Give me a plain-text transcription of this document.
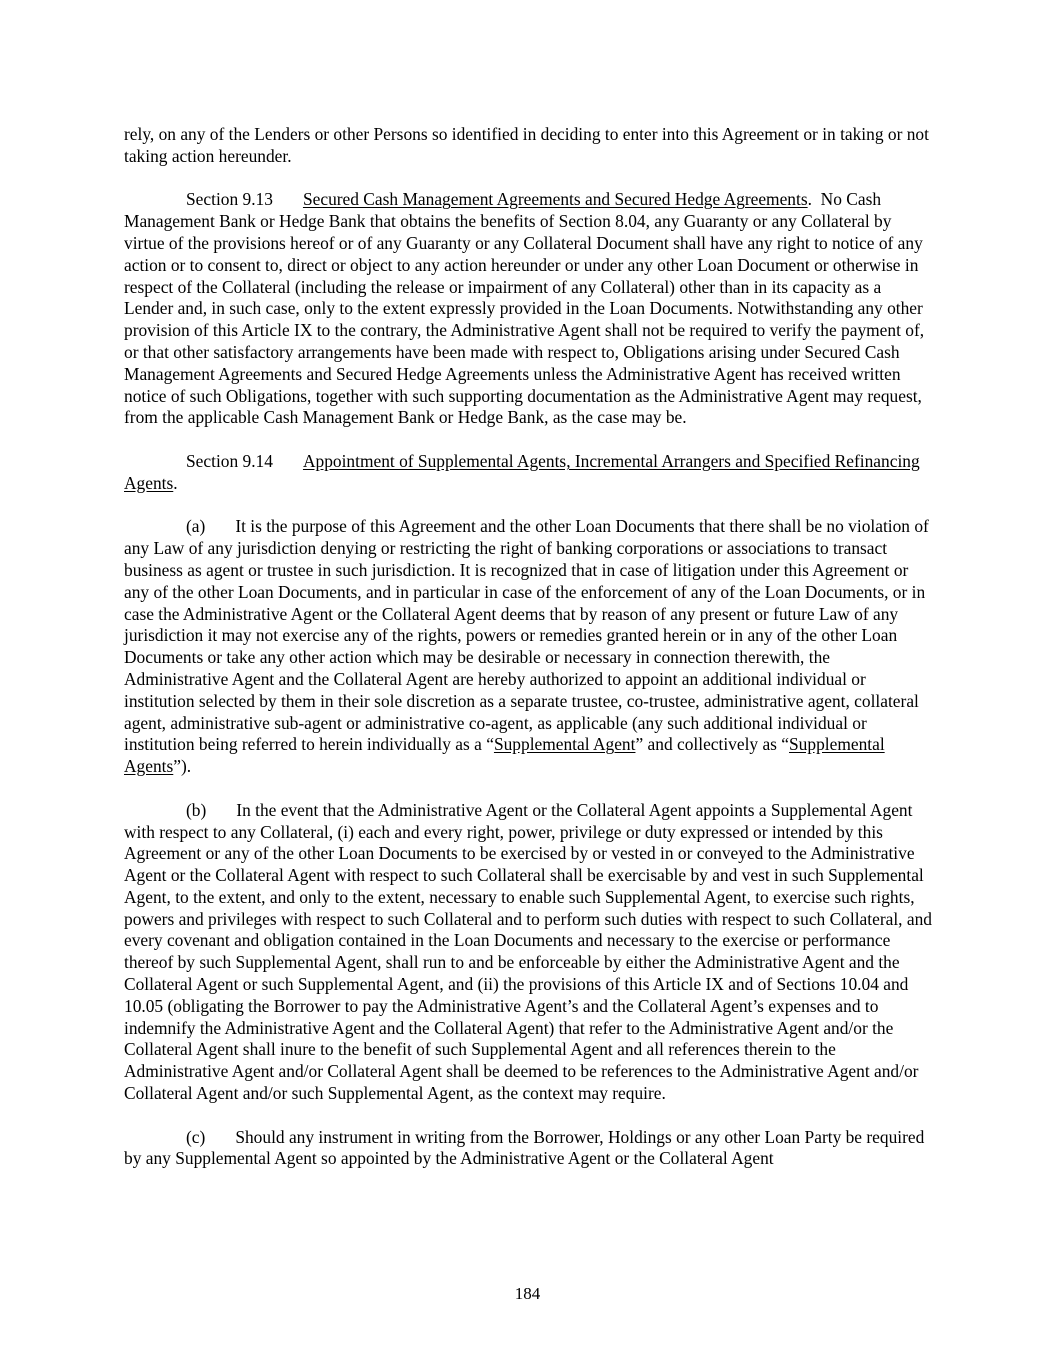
rely, on any of the Lenders or other Persons so identified in deciding to enter into this Agreement or in taking or not taking action hereunder.

Section 9.13 Secured Cash Management Agreements and Secured Hedge Agreements. No Cash Management Bank or Hedge Bank that obtains the benefits of Section 8.04, any Guaranty or any Collateral by virtue of the provisions hereof or of any Guaranty or any Collateral Document shall have any right to notice of any action or to consent to, direct or object to any action hereunder or under any other Loan Document or otherwise in respect of the Collateral (including the release or impairment of any Collateral) other than in its capacity as a Lender and, in such case, only to the extent expressly provided in the Loan Documents. Notwithstanding any other provision of this Article IX to the contrary, the Administrative Agent shall not be required to verify the payment of, or that other satisfactory arrangements have been made with respect to, Obligations arising under Secured Cash Management Agreements and Secured Hedge Agreements unless the Administrative Agent has received written notice of such Obligations, together with such supporting documentation as the Administrative Agent may request, from the applicable Cash Management Bank or Hedge Bank, as the case may be.

Section 9.14 Appointment of Supplemental Agents, Incremental Arrangers and Specified Refinancing Agents.

(a) It is the purpose of this Agreement and the other Loan Documents that there shall be no violation of any Law of any jurisdiction denying or restricting the right of banking corporations or associations to transact business as agent or trustee in such jurisdiction. It is recognized that in case of litigation under this Agreement or any of the other Loan Documents, and in particular in case of the enforcement of any of the Loan Documents, or in case the Administrative Agent or the Collateral Agent deems that by reason of any present or future Law of any jurisdiction it may not exercise any of the rights, powers or remedies granted herein or in any of the other Loan Documents or take any other action which may be desirable or necessary in connection therewith, the Administrative Agent and the Collateral Agent are hereby authorized to appoint an additional individual or institution selected by them in their sole discretion as a separate trustee, co-trustee, administrative agent, collateral agent, administrative sub-agent or administrative co-agent, as applicable (any such additional individual or institution being referred to herein individually as a “Supplemental Agent” and collectively as “Supplemental Agents”).

(b) In the event that the Administrative Agent or the Collateral Agent appoints a Supplemental Agent with respect to any Collateral, (i) each and every right, power, privilege or duty expressed or intended by this Agreement or any of the other Loan Documents to be exercised by or vested in or conveyed to the Administrative Agent or the Collateral Agent with respect to such Collateral shall be exercisable by and vest in such Supplemental Agent, to the extent, and only to the extent, necessary to enable such Supplemental Agent, to exercise such rights, powers and privileges with respect to such Collateral and to perform such duties with respect to such Collateral, and every covenant and obligation contained in the Loan Documents and necessary to the exercise or performance thereof by such Supplemental Agent, shall run to and be enforceable by either the Administrative Agent and the Collateral Agent or such Supplemental Agent, and (ii) the provisions of this Article IX and of Sections 10.04 and 10.05 (obligating the Borrower to pay the Administrative Agent’s and the Collateral Agent’s expenses and to indemnify the Administrative Agent and the Collateral Agent) that refer to the Administrative Agent and/or the Collateral Agent shall inure to the benefit of such Supplemental Agent and all references therein to the Administrative Agent and/or Collateral Agent shall be deemed to be references to the Administrative Agent and/or Collateral Agent and/or such Supplemental Agent, as the context may require.

(c) Should any instrument in writing from the Borrower, Holdings or any other Loan Party be required by any Supplemental Agent so appointed by the Administrative Agent or the Collateral Agent

184
